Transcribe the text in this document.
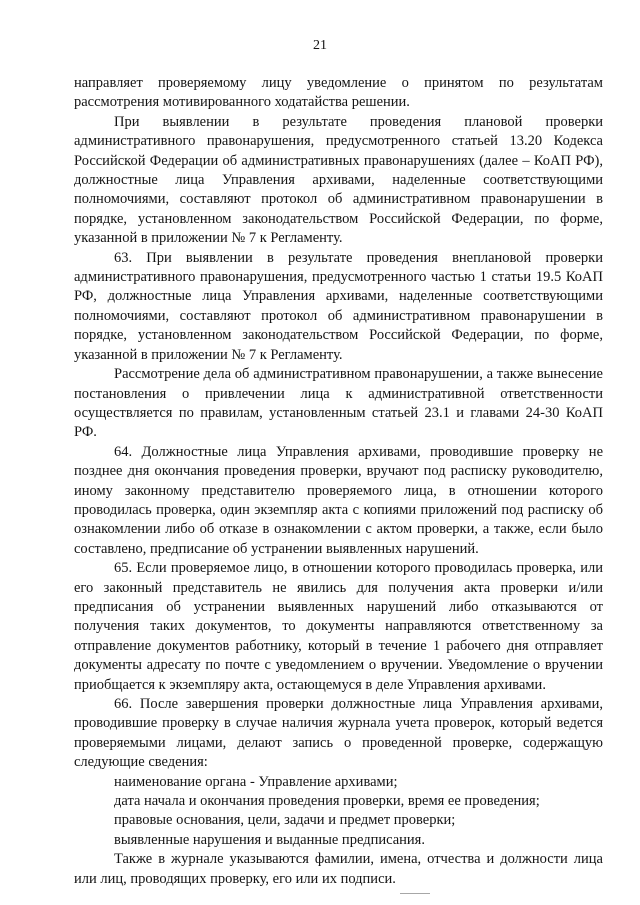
21

направляет проверяемому лицу уведомление о принятом по результатам рассмотрения мотивированного ходатайства решении.

При выявлении в результате проведения плановой проверки административного правонарушения, предусмотренного статьей 13.20 Кодекса Российской Федерации об административных правонарушениях (далее – КоАП РФ), должностные лица Управления архивами, наделенные соответствующими полномочиями, составляют протокол об административном правонарушении в порядке, установленном законодательством Российской Федерации, по форме, указанной в приложении № 7 к Регламенту.

63. При выявлении в результате проведения внеплановой проверки административного правонарушения, предусмотренного частью 1 статьи 19.5 КоАП РФ, должностные лица Управления архивами, наделенные соответствующими полномочиями, составляют протокол об административном правонарушении в порядке, установленном законодательством Российской Федерации, по форме, указанной в приложении № 7 к Регламенту.

Рассмотрение дела об административном правонарушении, а также вынесение постановления о привлечении лица к административной ответственности осуществляется по правилам, установленным статьей 23.1 и главами 24-30 КоАП РФ.

64. Должностные лица Управления архивами, проводившие проверку не позднее дня окончания проведения проверки, вручают под расписку руководителю, иному законному представителю проверяемого лица, в отношении которого проводилась проверка, один экземпляр акта с копиями приложений под расписку об ознакомлении либо об отказе в ознакомлении с актом проверки, а также, если было составлено, предписание об устранении выявленных нарушений.

65. Если проверяемое лицо, в отношении которого проводилась проверка, или его законный представитель не явились для получения акта проверки и/или предписания об устранении выявленных нарушений либо отказываются от получения таких документов, то документы направляются ответственному за отправление документов работнику, который в течение 1 рабочего дня отправляет документы адресату по почте с уведомлением о вручении. Уведомление о вручении приобщается к экземпляру акта, остающемуся в деле Управления архивами.

66. После завершения проверки должностные лица Управления архивами, проводившие проверку в случае наличия журнала учета проверок, который ведется проверяемыми лицами, делают запись о проведенной проверке, содержащую следующие сведения:

наименование органа - Управление архивами;

дата начала и окончания проведения проверки, время ее проведения;

правовые основания, цели, задачи и предмет проверки;

выявленные нарушения и выданные предписания.

Также в журнале указываются фамилии, имена, отчества и должности лица или лиц, проводящих проверку, его или их подписи.
